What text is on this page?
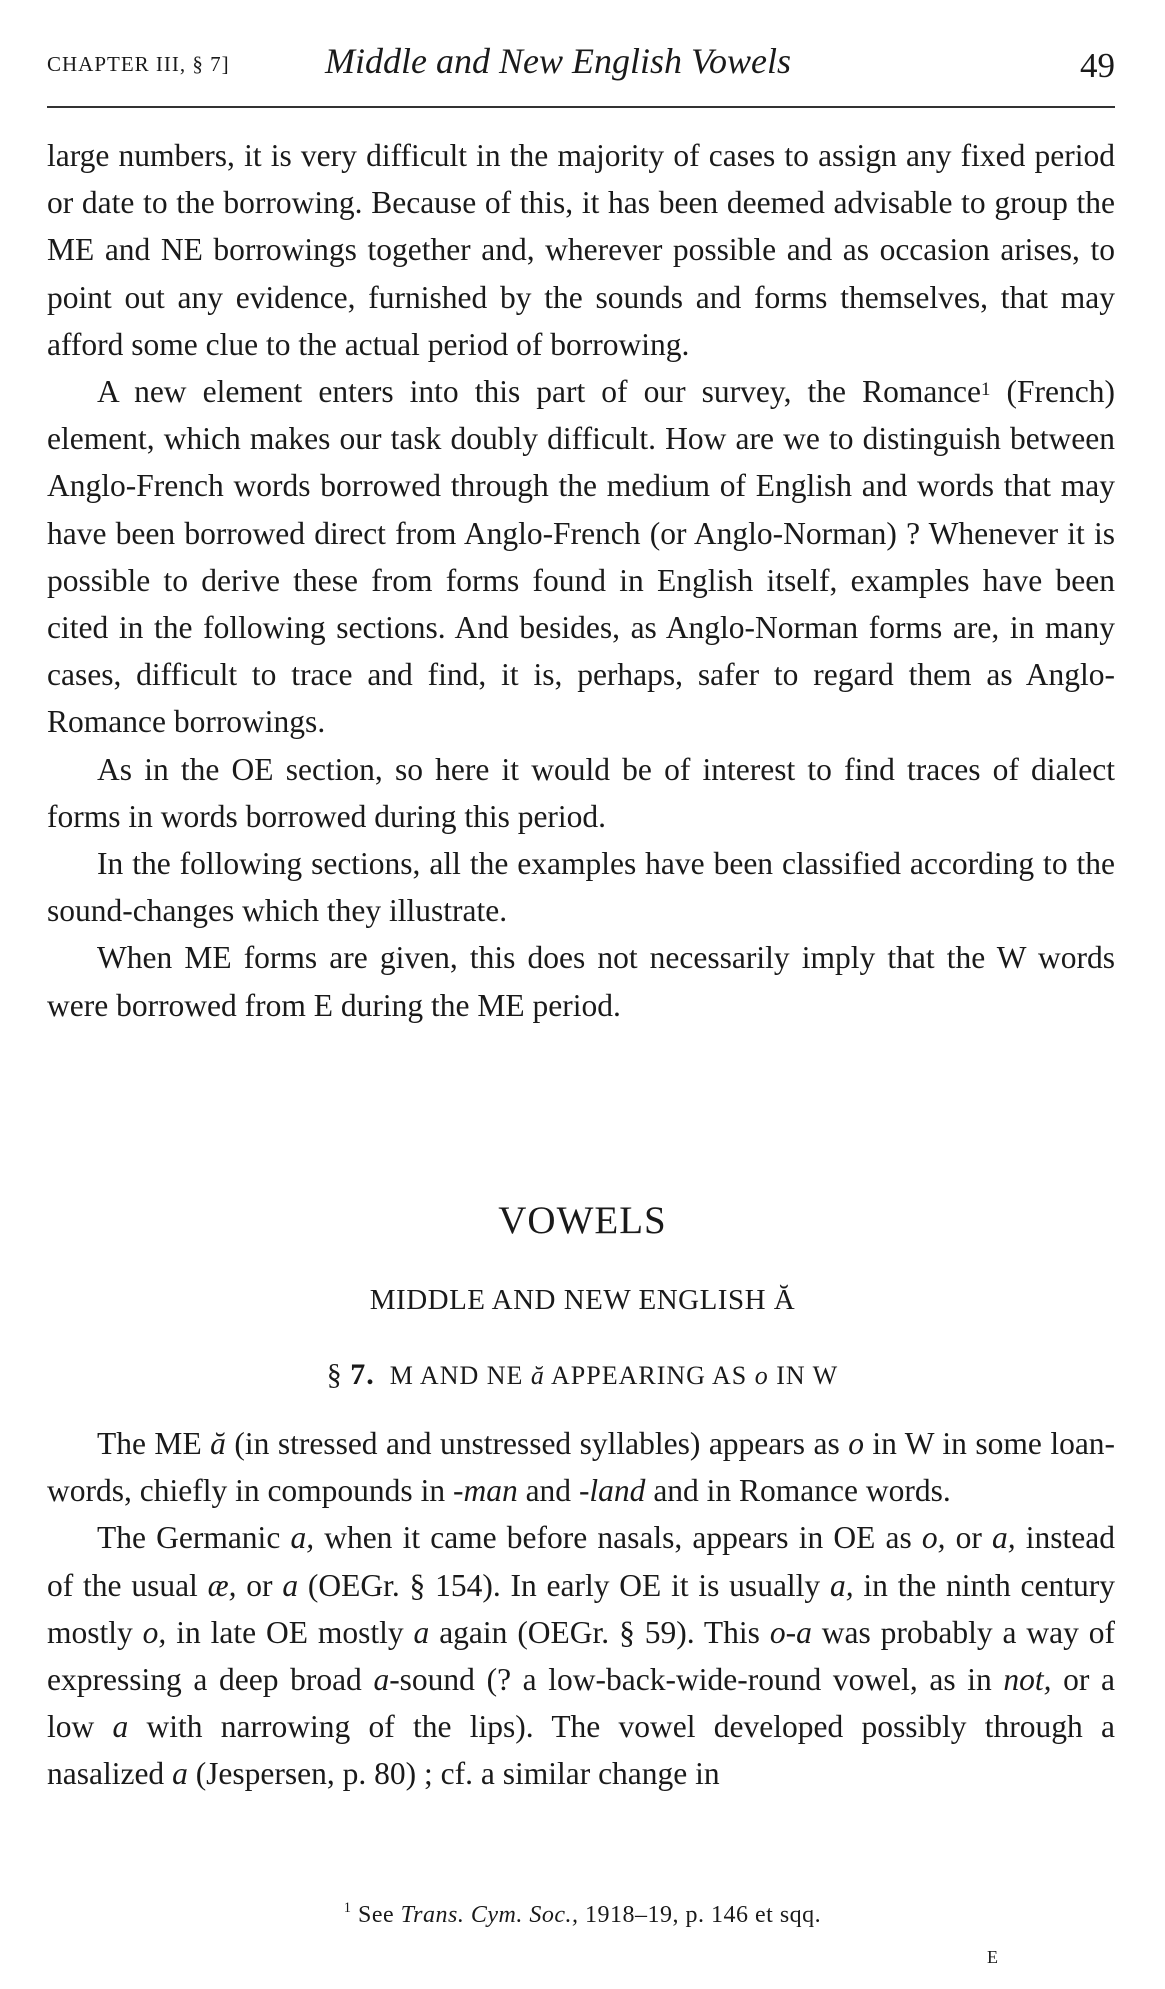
CHAPTER III, § 7]	Middle and New English Vowels	49

large numbers, it is very difficult in the majority of cases to assign any fixed period or date to the borrowing. Because of this, it has been deemed advisable to group the ME and NE borrowings together and, wherever possible and as occasion arises, to point out any evidence, furnished by the sounds and forms themselves, that may afford some clue to the actual period of borrowing.

A new element enters into this part of our survey, the Romance$^1$ (French) element, which makes our task doubly difficult. How are we to distinguish between Anglo-French words borrowed through the medium of English and words that may have been borrowed direct from Anglo-French (or Anglo-Norman) ? Whenever it is possible to derive these from forms found in English itself, examples have been cited in the following sections. And besides, as Anglo-Norman forms are, in many cases, difficult to trace and find, it is, perhaps, safer to regard them as Anglo-Romance borrowings.

As in the OE section, so here it would be of interest to find traces of dialect forms in words borrowed during this period.

In the following sections, all the examples have been classified according to the sound-changes which they illustrate.

When ME forms are given, this does not necessarily imply that the W words were borrowed from E during the ME period.

VOWELS
MIDDLE AND NEW ENGLISH Ă
§ 7. M AND NE ă APPEARING AS o IN W

The ME ă (in stressed and unstressed syllables) appears as o in W in some loan-words, chiefly in compounds in -man and -land and in Romance words.

The Germanic a, when it came before nasals, appears in OE as o, or a, instead of the usual æ, or a (OEGr. § 154). In early OE it is usually a, in the ninth century mostly o, in late OE mostly a again (OEGr. § 59). This o-a was probably a way of expressing a deep broad a-sound (? a low-back-wide-round vowel, as in not, or a low a with narrowing of the lips). The vowel developed possibly through a nasalized a (Jespersen, p. 80) ; cf. a similar change in

$^1$ See Trans. Cym. Soc., 1918–19, p. 146 et sqq.
E
